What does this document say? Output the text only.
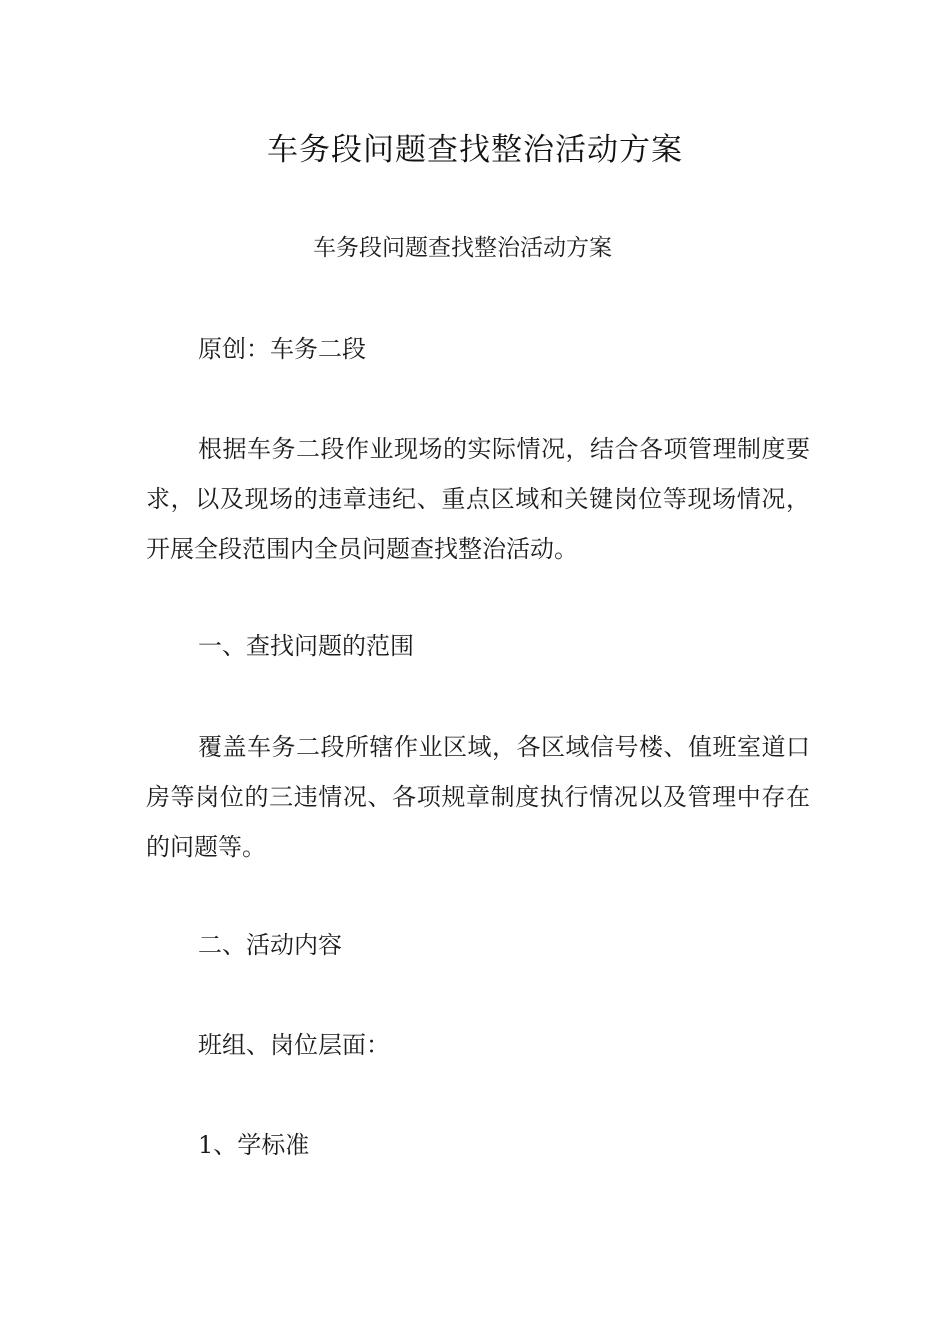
车务段问题查找整治活动方案
车务段问题查找整治活动方案
原创：车务二段
根据车务二段作业现场的实际情况，结合各项管理制度要求，以及现场的违章违纪、重点区域和关键岗位等现场情况，开展全段范围内全员问题查找整治活动。
一、查找问题的范围
覆盖车务二段所辖作业区域，各区域信号楼、值班室道口房等岗位的三违情况、各项规章制度执行情况以及管理中存在的问题等。
二、活动内容
班组、岗位层面：
1、学标准
